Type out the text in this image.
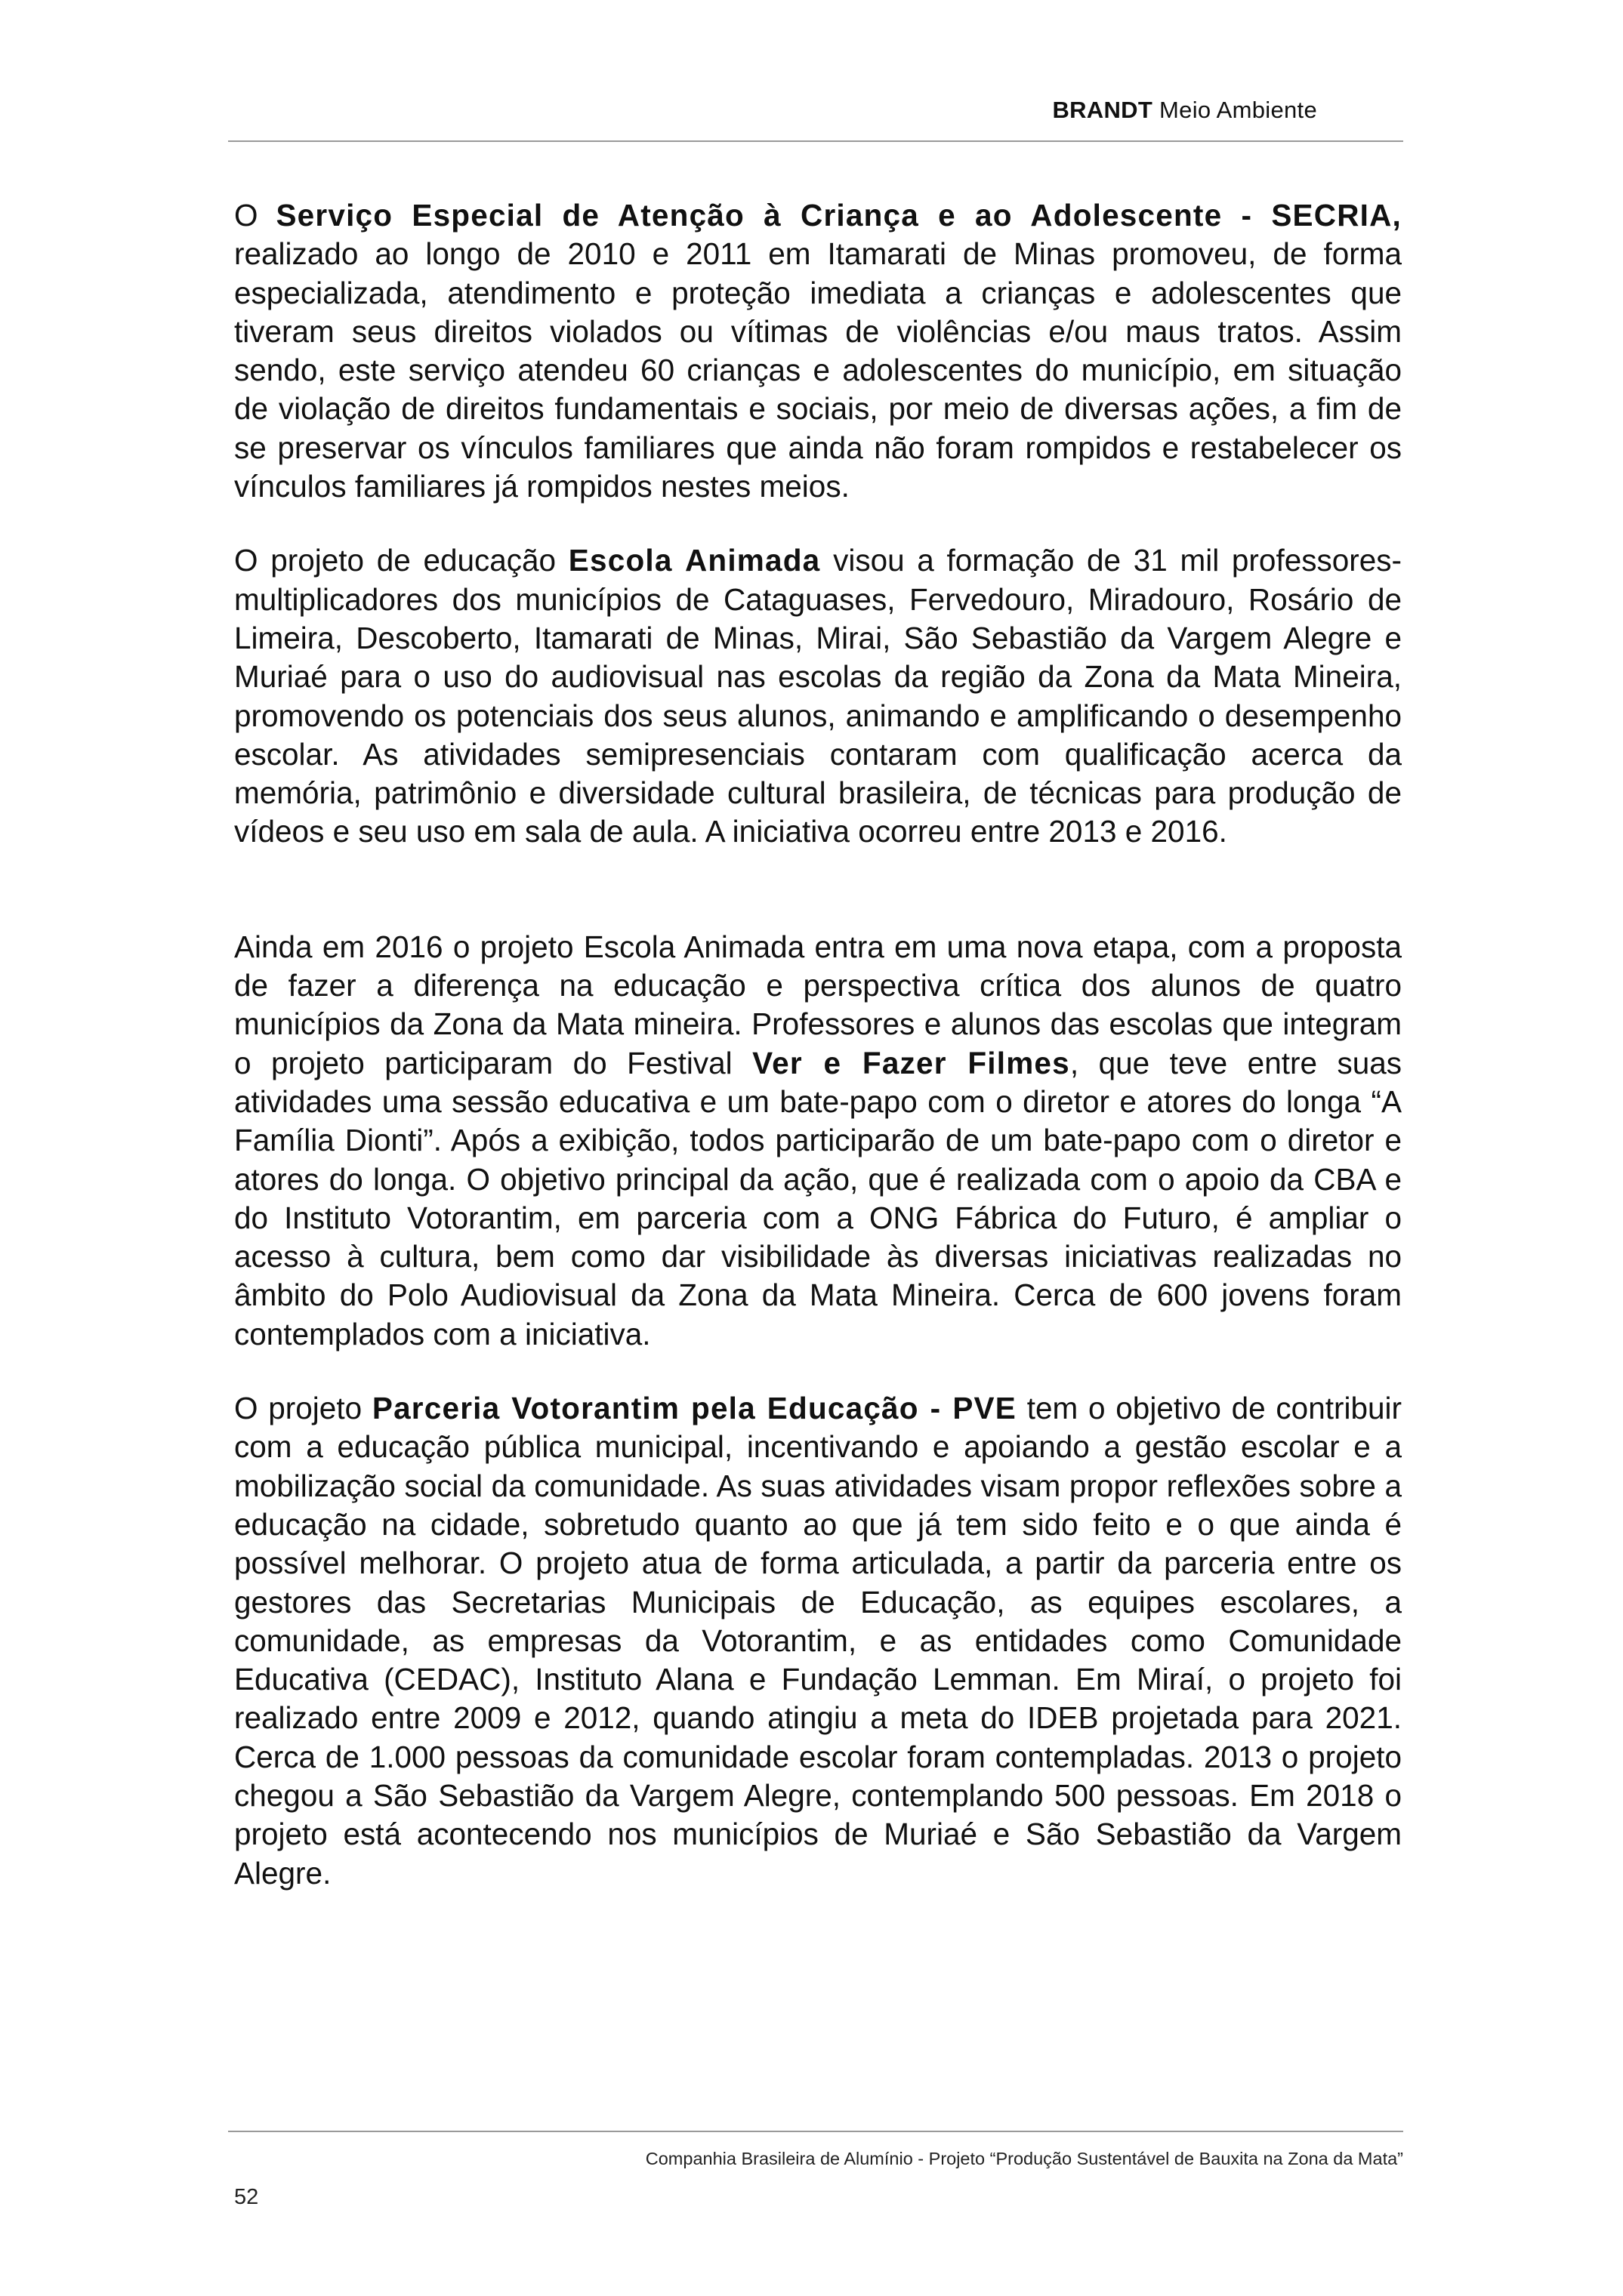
BRANDT Meio Ambiente

O Serviço Especial de Atenção à Criança e ao Adolescente - SECRIA, realizado ao longo de 2010 e 2011 em Itamarati de Minas promoveu, de forma especializada, atendimento e proteção imediata a crianças e adolescentes que tiveram seus direitos violados ou vítimas de violências e/ou maus tratos. Assim sendo, este serviço atendeu 60 crianças e adolescentes do município, em situação de violação de direitos fundamentais e sociais, por meio de diversas ações, a fim de se preservar os vínculos familiares que ainda não foram rompidos e restabelecer os vínculos familiares já rompidos nestes meios.

O projeto de educação Escola Animada visou a formação de 31 mil professores-multiplicadores dos municípios de Cataguases, Fervedouro, Miradouro, Rosário de Limeira, Descoberto, Itamarati de Minas, Mirai, São Sebastião da Vargem Alegre e Muriaé para o uso do audiovisual nas escolas da região da Zona da Mata Mineira, promovendo os potenciais dos seus alunos, animando e amplificando o desempenho escolar. As atividades semipresenciais contaram com qualificação acerca da memória, patrimônio e diversidade cultural brasileira, de técnicas para produção de vídeos e seu uso em sala de aula. A iniciativa ocorreu entre 2013 e 2016.

Ainda em 2016 o projeto Escola Animada entra em uma nova etapa, com a proposta de fazer a diferença na educação e perspectiva crítica dos alunos de quatro municípios da Zona da Mata mineira. Professores e alunos das escolas que integram o projeto participaram do Festival Ver e Fazer Filmes, que teve entre suas atividades uma sessão educativa e um bate-papo com o diretor e atores do longa “A Família Dionti”. Após a exibição, todos participarão de um bate-papo com o diretor e atores do longa. O objetivo principal da ação, que é realizada com o apoio da CBA e do Instituto Votorantim, em parceria com a ONG Fábrica do Futuro, é ampliar o acesso à cultura, bem como dar visibilidade às diversas iniciativas realizadas no âmbito do Polo Audiovisual da Zona da Mata Mineira. Cerca de 600 jovens foram contemplados com a iniciativa.

O projeto Parceria Votorantim pela Educação - PVE tem o objetivo de contribuir com a educação pública municipal, incentivando e apoiando a gestão escolar e a mobilização social da comunidade. As suas atividades visam propor reflexões sobre a educação na cidade, sobretudo quanto ao que já tem sido feito e o que ainda é possível melhorar. O projeto atua de forma articulada, a partir da parceria entre os gestores das Secretarias Municipais de Educação, as equipes escolares, a comunidade, as empresas da Votorantim, e as entidades como Comunidade Educativa (CEDAC), Instituto Alana e Fundação Lemman. Em Miraí, o projeto foi realizado entre 2009 e 2012, quando atingiu a meta do IDEB projetada para 2021. Cerca de 1.000 pessoas da comunidade escolar foram contempladas. 2013 o projeto chegou a São Sebastião da Vargem Alegre, contemplando 500 pessoas. Em 2018 o projeto está acontecendo nos municípios de Muriaé e São Sebastião da Vargem Alegre.

Companhia Brasileira de Alumínio - Projeto “Produção Sustentável de Bauxita na Zona da Mata”
52
